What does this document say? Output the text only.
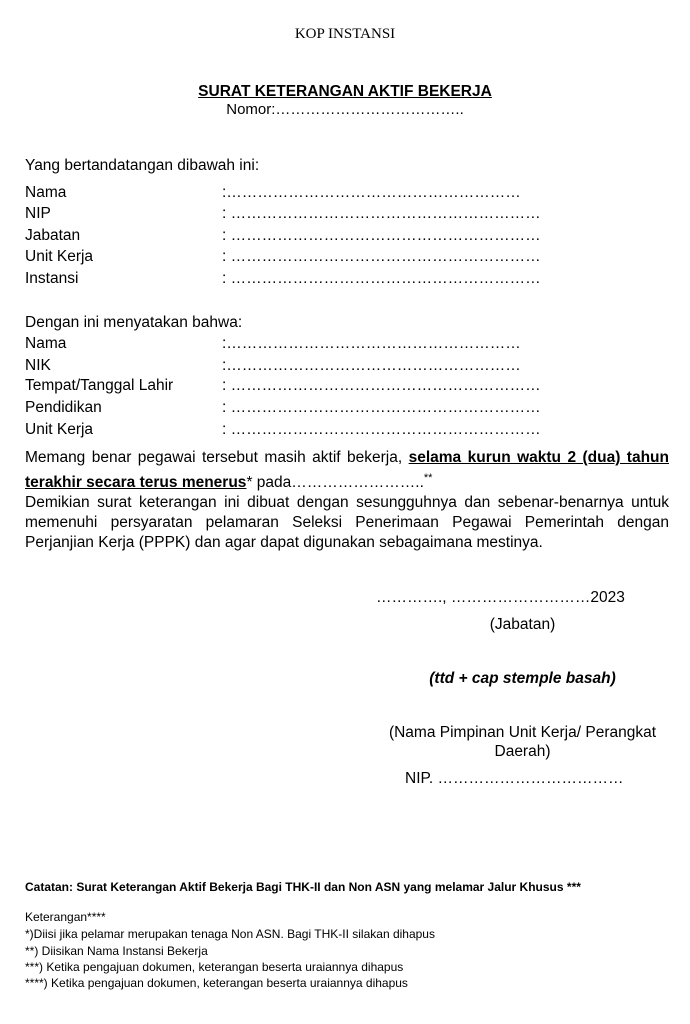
KOP INSTANSI
SURAT KETERANGAN AKTIF BEKERJA
Nomor:………………………………..
Yang bertandatangan dibawah ini:
Nama	:…………………………………………………
NIP	: ……………………………………………………
Jabatan	: ……………………………………………………
Unit Kerja	: ……………………………………………………
Instansi	: ……………………………………………………
Dengan ini menyatakan bahwa:
Nama	:…………………………………………………
NIK	:…………………………………………………
Tempat/Tanggal Lahir	: ……………………………………………………
Pendidikan	: ……………………………………………………
Unit Kerja	: ……………………………………………………
Memang benar pegawai tersebut masih aktif bekerja, selama kurun waktu 2 (dua) tahun terakhir secara terus menerus* pada……………………..**
Demikian surat keterangan ini dibuat dengan sesungguhnya dan sebenar-benarnya untuk memenuhi persyaratan pelamaran Seleksi Penerimaan Pegawai Pemerintah dengan Perjanjian Kerja (PPPK) dan agar dapat digunakan sebagaimana mestinya.
…………., ………………………2023
(Jabatan)
(ttd + cap stemple basah)
(Nama Pimpinan Unit Kerja/ Perangkat
Daerah)
NIP. ………………………………
Catatan: Surat Keterangan Aktif Bekerja Bagi THK-II dan Non ASN yang melamar Jalur Khusus ***
Keterangan****
*)Diisi jika pelamar merupakan tenaga Non ASN. Bagi THK-II silakan dihapus
**) Diisikan Nama Instansi Bekerja
***) Ketika pengajuan dokumen, keterangan beserta uraiannya dihapus
****) Ketika pengajuan dokumen, keterangan beserta uraiannya dihapus
